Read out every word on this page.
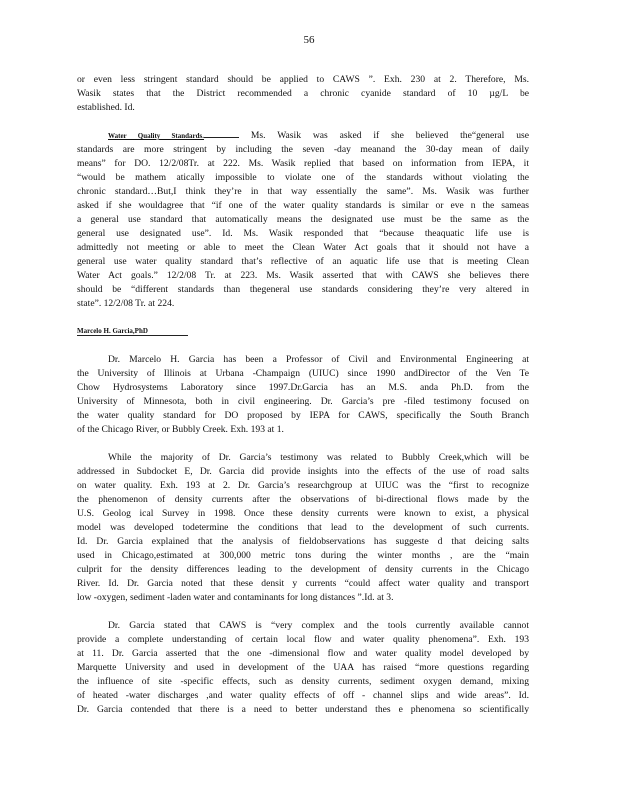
56
or even less stringent standard should be applied to CAWS ”. Exh. 230 at 2. Therefore, Ms.
Wasik states that the District recommended a chronic cyanide standard of 10 µg/L be
established. Id.
Water Quality Standards.	Ms. Wasik was asked if she believed the“general use
standards are more stringent by including the seven -day meanand the 30-day mean of daily
means” for DO. 12/2/08Tr. at 222. Ms. Wasik replied that based on information from IEPA, it
“would be mathem atically impossible to violate one of the standards without violating the
chronic standard…But,I think they’re in that way essentially the same”. Ms. Wasik was further
asked if she wouldagree that “if one of the water quality standards is similar or eve n the sameas
a general use standard that automatically means the designated use must be the same as the
general use designated use”. Id. Ms. Wasik responded that “because theaquatic life use is
admittedly not meeting or able to meet the Clean Water Act goals that it should not have a
general use water quality standard that’s reflective of an aquatic life use that is meeting Clean
Water Act goals.” 12/2/08 Tr. at 223. Ms. Wasik asserted that with CAWS she believes there
should be “different standards than thegeneral use standards considering they’re very altered in
state”. 12/2/08 Tr. at 224.
Marcelo H. Garcia,PhD
Dr. Marcelo H. Garcia has been a Professor of Civil and Environmental Engineering at
the University of Illinois at Urbana -Champaign (UIUC) since 1990 andDirector of the Ven Te
Chow Hydrosystems Laboratory since 1997.Dr.Garcia has an M.S. anda Ph.D. from the
University of Minnesota, both in civil engineering. Dr. Garcia’s pre -filed testimony focused on
the water quality standard for DO proposed by IEPA for CAWS, specifically the South Branch
of the Chicago River, or Bubbly Creek. Exh. 193 at 1.
While the majority of Dr. Garcia’s testimony was related to Bubbly Creek,which will be
addressed in Subdocket E, Dr. Garcia did provide insights into the effects of the use of road salts
on water quality. Exh. 193 at 2. Dr. Garcia’s researchgroup at UIUC was the “first to recognize
the phenomenon of density currents after the observations of bi-directional flows made by the
U.S. Geolog ical Survey in 1998. Once these density currents were known to exist, a physical
model was developed todetermine the conditions that lead to the development of such currents.
Id. Dr. Garcia explained that the analysis of fieldobservations has suggeste d that deicing salts
used in Chicago,estimated at 300,000 metric tons during the winter months , are the “main
culprit for the density differences leading to the development of density currents in the Chicago
River. Id. Dr. Garcia noted that these densit y currents “could affect water quality and transport
low -oxygen, sediment -laden water and contaminants for long distances ”.Id. at 3.
Dr. Garcia stated that CAWS is “very complex and the tools currently available cannot
provide a complete understanding of certain local flow and water quality phenomena”. Exh. 193
at 11. Dr. Garcia asserted that the one -dimensional flow and water quality model developed by
Marquette University and used in development of the UAA has raised “more questions regarding
the influence of site -specific effects, such as density currents, sediment oxygen demand, mixing
of heated -water discharges ,and water quality effects of off - channel slips and wide areas”. Id.
Dr. Garcia contended that there is a need to better understand thes e phenomena so scientifically
